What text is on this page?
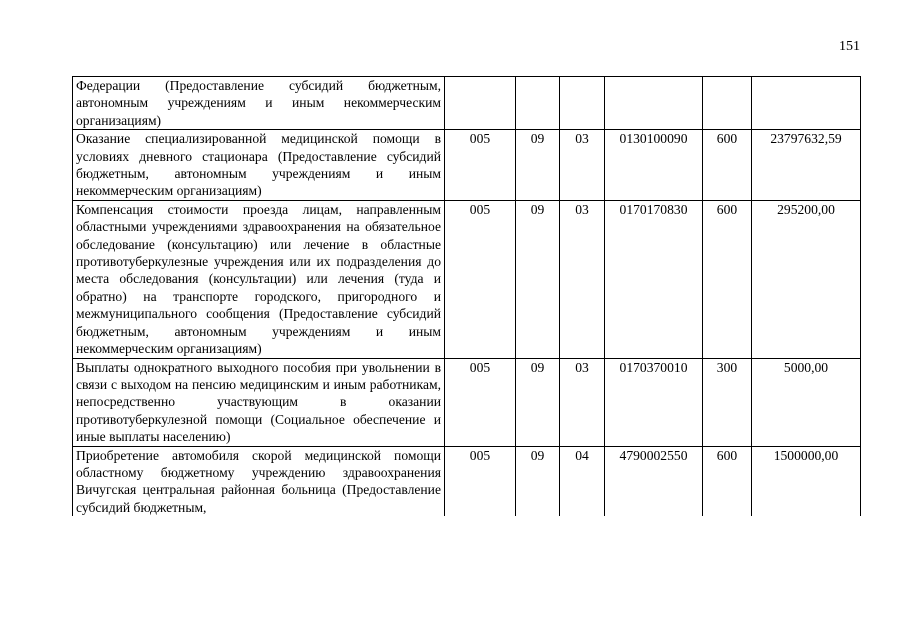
151
Федерации (Предоставление субсидий бюджетным, автономным учреждениям и иным некоммерческим организациям)						
Оказание специализированной медицинской помощи в условиях дневного стационара (Предоставление субсидий бюджетным, автономным учреждениям и иным некоммерческим организациям)	005	09	03	0130100090	600	23797632,59
Компенсация стоимости проезда лицам, направленным областными учреждениями здравоохранения на обязательное обследование (консультацию) или лечение в областные противотуберкулезные учреждения или их подразделения до места обследования (консультации) или лечения (туда и обратно) на транспорте городского, пригородного и межмуниципального сообщения (Предоставление субсидий бюджетным, автономным учреждениям и иным некоммерческим организациям)	005	09	03	0170170830	600	295200,00
Выплаты однократного выходного пособия при увольнении в связи с выходом на пенсию медицинским и иным работникам, непосредственно участвующим в оказании противотуберкулезной помощи (Социальное обеспечение и иные выплаты населению)	005	09	03	0170370010	300	5000,00
Приобретение автомобиля скорой медицинской помощи областному бюджетному учреждению здравоохранения Вичугская центральная районная больница (Предоставление субсидий бюджетным,	005	09	04	4790002550	600	1500000,00
